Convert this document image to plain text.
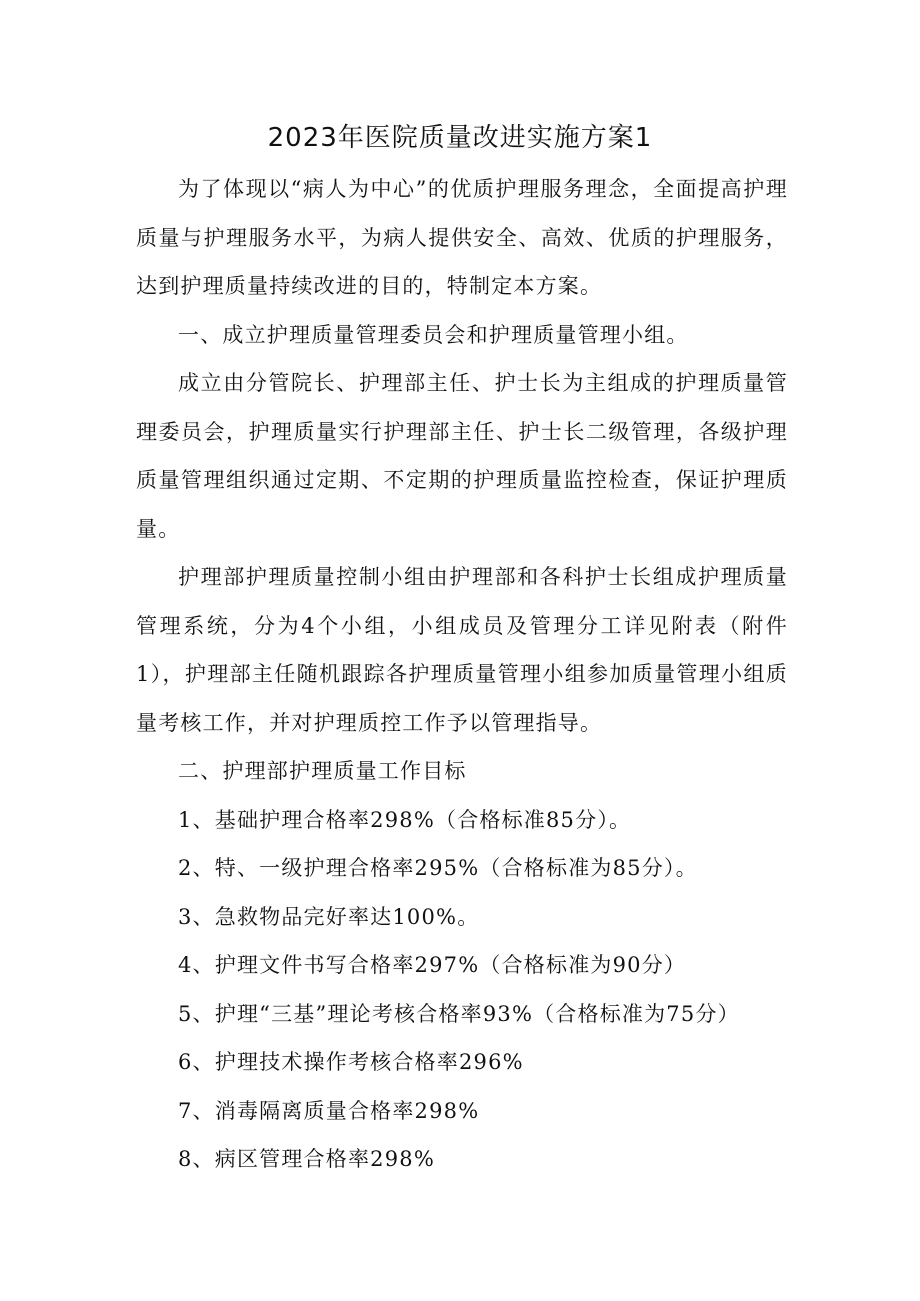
2023年医院质量改进实施方案1

为了体现以“病人为中心”的优质护理服务理念，全面提高护理质量与护理服务水平，为病人提供安全、高效、优质的护理服务，达到护理质量持续改进的目的，特制定本方案。

一、成立护理质量管理委员会和护理质量管理小组。

成立由分管院长、护理部主任、护士长为主组成的护理质量管理委员会，护理质量实行护理部主任、护士长二级管理，各级护理质量管理组织通过定期、不定期的护理质量监控检查，保证护理质量。

护理部护理质量控制小组由护理部和各科护士长组成护理质量管理系统，分为4个小组，小组成员及管理分工详见附表（附件1），护理部主任随机跟踪各护理质量管理小组参加质量管理小组质量考核工作，并对护理质控工作予以管理指导。

二、护理部护理质量工作目标

1、基础护理合格率298%（合格标准85分）。

2、特、一级护理合格率295%（合格标准为85分）。

3、急救物品完好率达100%。

4、护理文件书写合格率297%（合格标准为90分）

5、护理“三基”理论考核合格率93%（合格标准为75分）

6、护理技术操作考核合格率296%

7、消毒隔离质量合格率298%

8、病区管理合格率298%
